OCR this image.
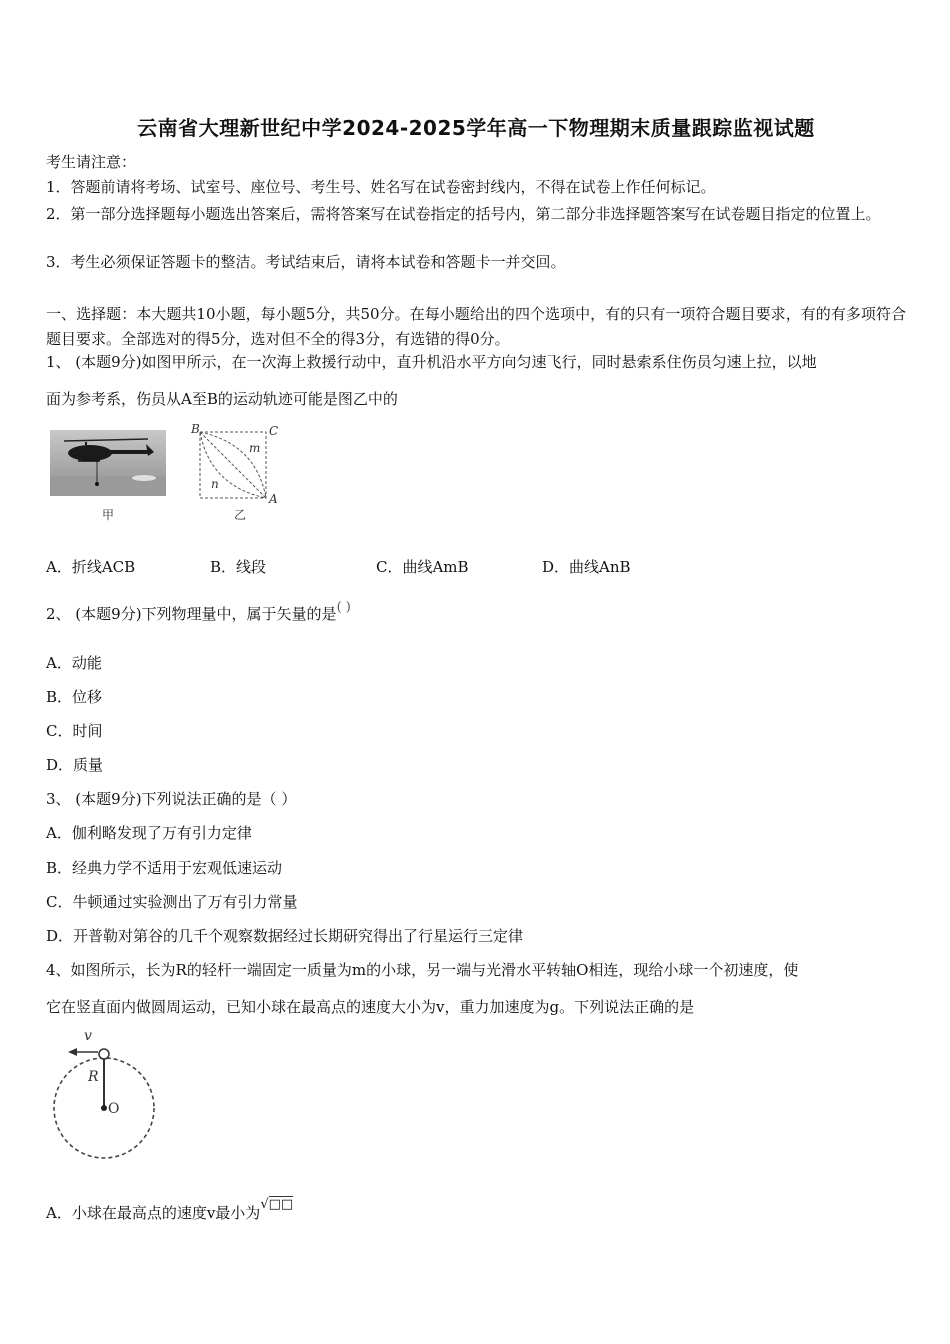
云南省大理新世纪中学2024-2025学年高一下物理期末质量跟踪监视试题
考生请注意：
1．答题前请将考场、试室号、座位号、考生号、姓名写在试卷密封线内，不得在试卷上作任何标记。
2．第一部分选择题每小题选出答案后，需将答案写在试卷指定的括号内，第二部分非选择题答案写在试卷题目指定的位置上。
3．考生必须保证答题卡的整洁。考试结束后，请将本试卷和答题卡一并交回。
一、选择题：本大题共10小题，每小题5分，共50分。在每小题给出的四个选项中，有的只有一项符合题目要求，有的有多项符合题目要求。全部选对的得5分，选对但不全的得3分，有选错的得0分。
1、 (本题9分)如图甲所示，在一次海上救援行动中，直升机沿水平方向匀速飞行，同时悬索系住伤员匀速上拉，以地
面为参考系，伤员从A至B的运动轨迹可能是图乙中的
甲
B	C
A
m
n
乙
A．折线ACB	B．线段	C．曲线AmB	D．曲线AnB
2、 (本题9分)下列物理量中，属于矢量的是( )
A．动能
B．位移
C．时间
D．质量
3、 (本题9分)下列说法正确的是（ ）
A．伽利略发现了万有引力定律
B．经典力学不适用于宏观低速运动
C．牛顿通过实验测出了万有引力常量
D．开普勒对第谷的几千个观察数据经过长期研究得出了行星运行三定律
4、如图所示，长为R的轻杆一端固定一质量为m的小球，另一端与光滑水平转轴O相连，现给小球一个初速度，使
它在竖直面内做圆周运动，已知小球在最高点的速度大小为v，重力加速度为g。下列说法正确的是
v
R
O
A．小球在最高点的速度v最小为√□□
